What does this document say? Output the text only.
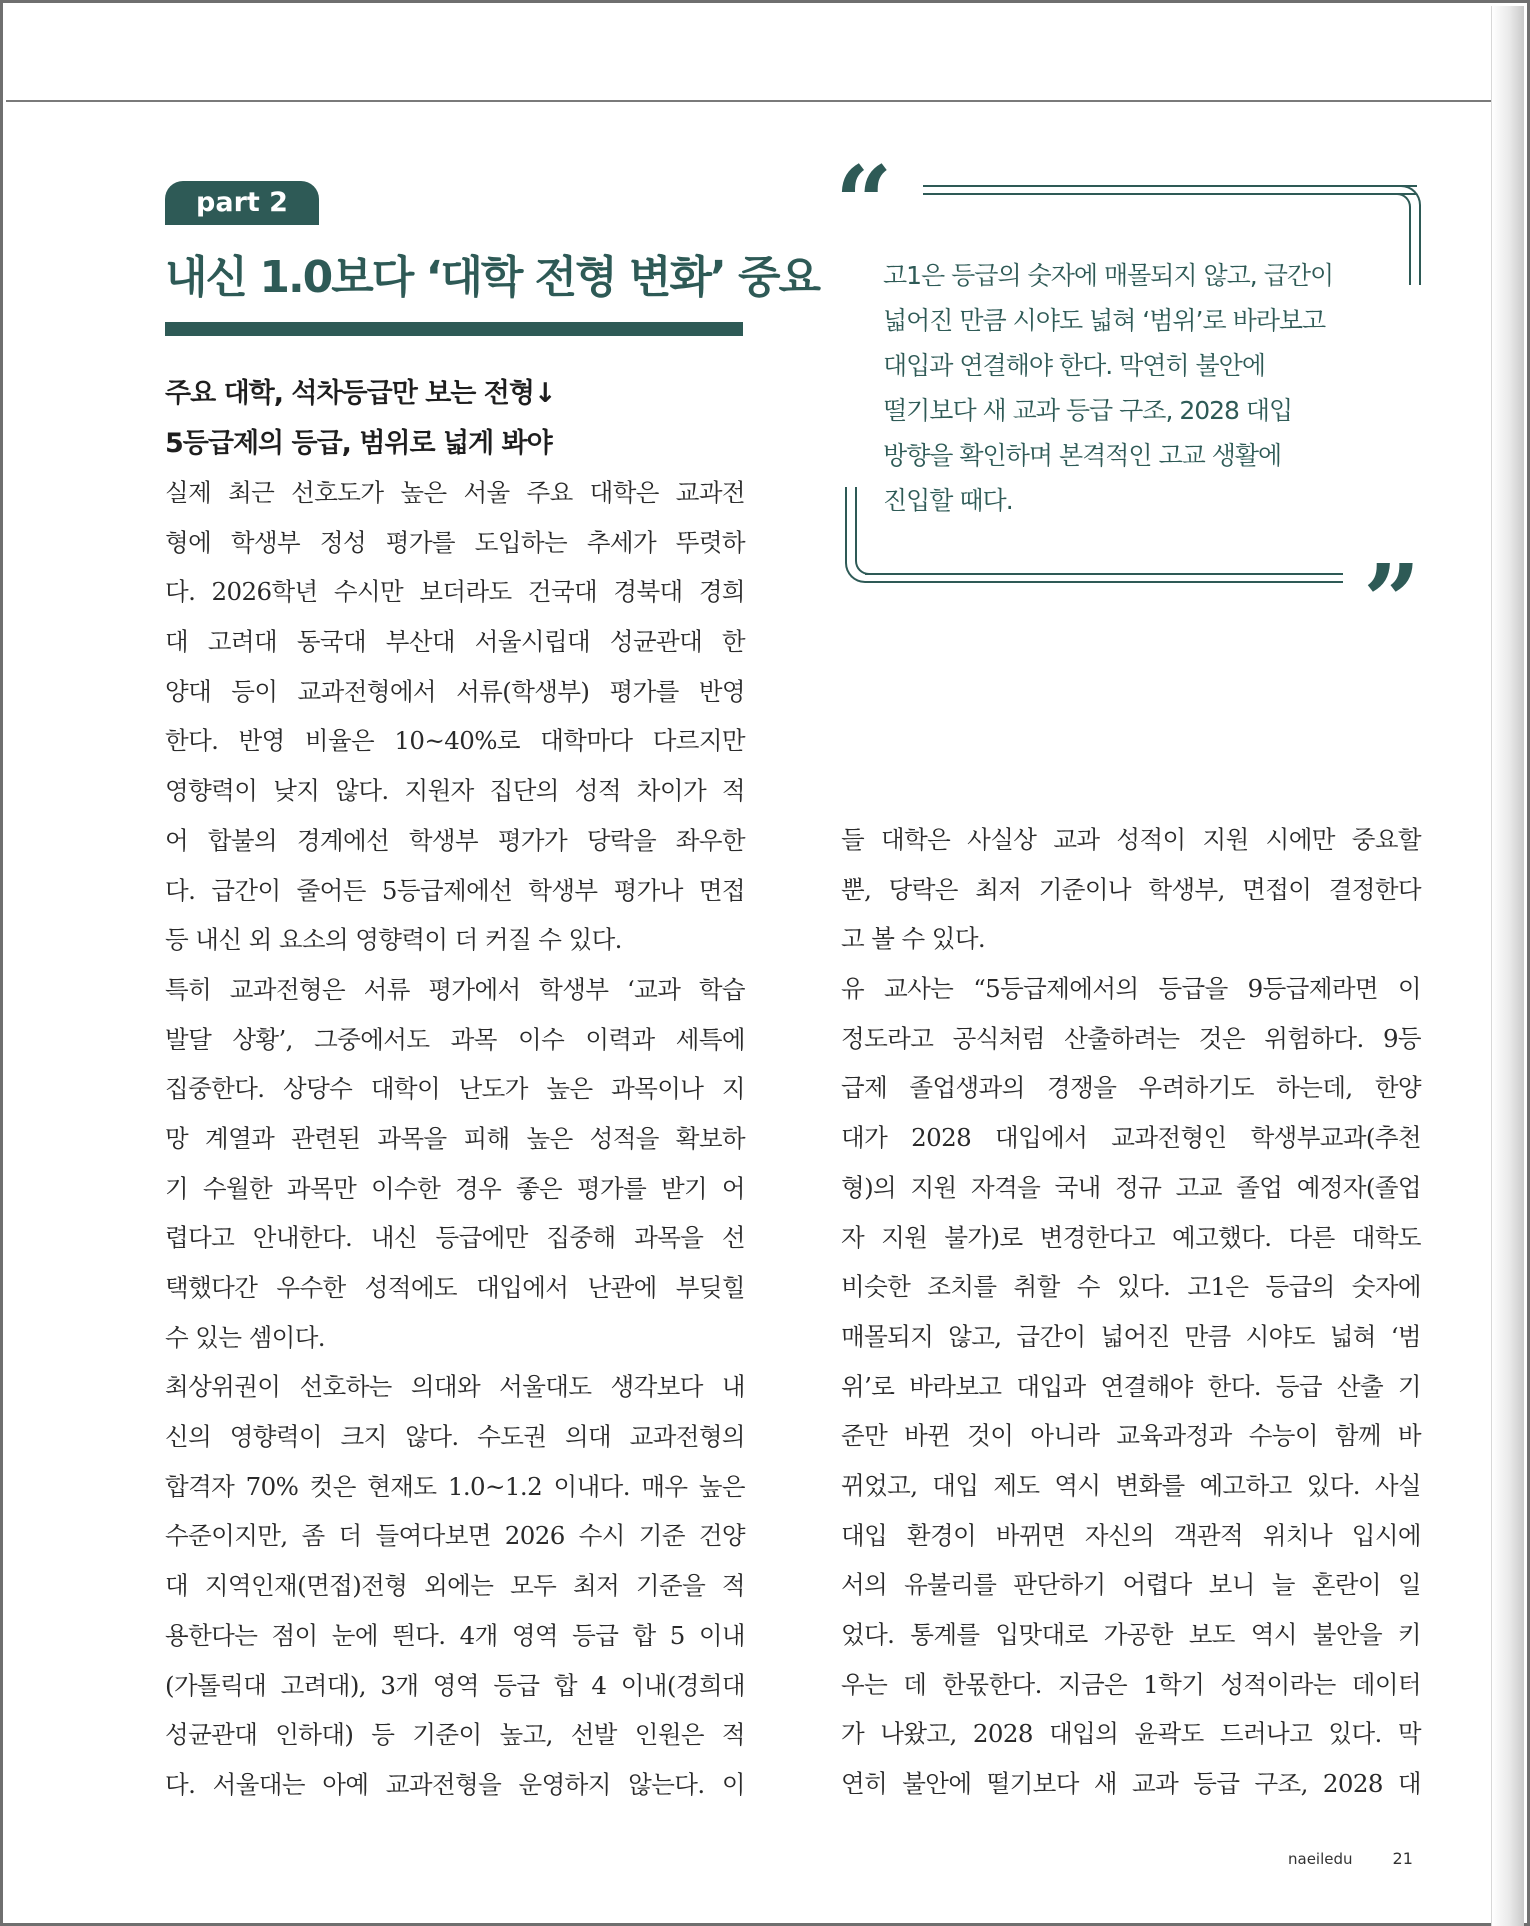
part 2
내신 1.0보다 ‘대학 전형 변화’ 중요
주요 대학, 석차등급만 보는 전형↓
5등급제의 등급, 범위로 넓게 봐야
“
고1은 등급의 숫자에 매몰되지 않고, 급간이
넓어진 만큼 시야도 넓혀 ‘범위’로 바라보고
대입과 연결해야 한다. 막연히 불안에
떨기보다 새 교과 등급 구조, 2028 대입
방향을 확인하며 본격적인 고교 생활에
진입할 때다.
”
실제 최근 선호도가 높은 서울 주요 대학은 교과전
형에 학생부 정성 평가를 도입하는 추세가 뚜렷하
다. 2026학년 수시만 보더라도 건국대 경북대 경희
대 고려대 동국대 부산대 서울시립대 성균관대 한
양대 등이 교과전형에서 서류(학생부) 평가를 반영
한다. 반영 비율은 10~40%로 대학마다 다르지만
영향력이 낮지 않다. 지원자 집단의 성적 차이가 적
어 합불의 경계에선 학생부 평가가 당락을 좌우한
다. 급간이 줄어든 5등급제에선 학생부 평가나 면접
등 내신 외 요소의 영향력이 더 커질 수 있다.
특히 교과전형은 서류 평가에서 학생부 ‘교과 학습
발달 상황’, 그중에서도 과목 이수 이력과 세특에
집중한다. 상당수 대학이 난도가 높은 과목이나 지
망 계열과 관련된 과목을 피해 높은 성적을 확보하
기 수월한 과목만 이수한 경우 좋은 평가를 받기 어
렵다고 안내한다. 내신 등급에만 집중해 과목을 선
택했다간 우수한 성적에도 대입에서 난관에 부딪힐
수 있는 셈이다.
최상위권이 선호하는 의대와 서울대도 생각보다 내
신의 영향력이 크지 않다. 수도권 의대 교과전형의
합격자 70% 컷은 현재도 1.0~1.2 이내다. 매우 높은
수준이지만, 좀 더 들여다보면 2026 수시 기준 건양
대 지역인재(면접)전형 외에는 모두 최저 기준을 적
용한다는 점이 눈에 띈다. 4개 영역 등급 합 5 이내
(가톨릭대 고려대), 3개 영역 등급 합 4 이내(경희대
성균관대 인하대) 등 기준이 높고, 선발 인원은 적
다. 서울대는 아예 교과전형을 운영하지 않는다. 이
들 대학은 사실상 교과 성적이 지원 시에만 중요할
뿐, 당락은 최저 기준이나 학생부, 면접이 결정한다
고 볼 수 있다.
유 교사는 “5등급제에서의 등급을 9등급제라면 이
정도라고 공식처럼 산출하려는 것은 위험하다. 9등
급제 졸업생과의 경쟁을 우려하기도 하는데, 한양
대가 2028 대입에서 교과전형인 학생부교과(추천
형)의 지원 자격을 국내 정규 고교 졸업 예정자(졸업
자 지원 불가)로 변경한다고 예고했다. 다른 대학도
비슷한 조치를 취할 수 있다. 고1은 등급의 숫자에
매몰되지 않고, 급간이 넓어진 만큼 시야도 넓혀 ‘범
위’로 바라보고 대입과 연결해야 한다. 등급 산출 기
준만 바뀐 것이 아니라 교육과정과 수능이 함께 바
뀌었고, 대입 제도 역시 변화를 예고하고 있다. 사실
대입 환경이 바뀌면 자신의 객관적 위치나 입시에
서의 유불리를 판단하기 어렵다 보니 늘 혼란이 일
었다. 통계를 입맛대로 가공한 보도 역시 불안을 키
우는 데 한몫한다. 지금은 1학기 성적이라는 데이터
가 나왔고, 2028 대입의 윤곽도 드러나고 있다. 막
연히 불안에 떨기보다 새 교과 등급 구조, 2028 대
naeiledu	21
